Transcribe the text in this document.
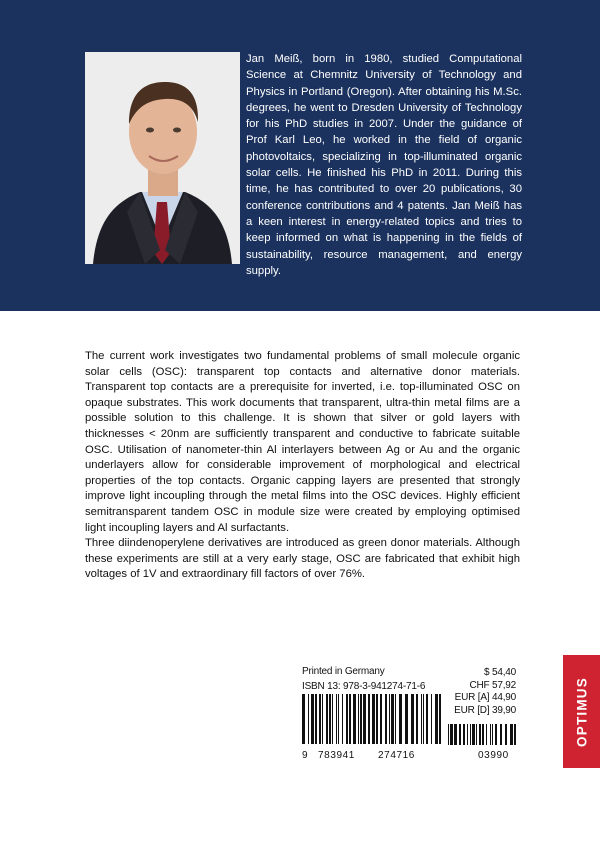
Jan Meiß, born in 1980, studied Computational Science at Chemnitz University of Technology and Physics in Portland (Oregon). After obtaining his M.Sc. degrees, he went to Dresden University of Technology for his PhD studies in 2007. Under the guidance of Prof Karl Leo, he worked in the field of organic photovoltaics, specializing in top-illuminated organic solar cells. He finished his PhD in 2011. During this time, he has contributed to over 20 publications, 30 conference contributions and 4 patents. Jan Meiß has a keen interest in energy-related topics and tries to keep informed on what is happening in the fields of sustainability, resource management, and energy supply.

The current work investigates two fundamental problems of small molecule organic solar cells (OSC): transparent top contacts and alternative donor materials. Transparent top contacts are a prerequisite for inverted, i.e. top-illuminated OSC on opaque substrates. This work documents that transparent, ultra-thin metal films are a possible solution to this challenge. It is shown that silver or gold layers with thicknesses < 20nm are sufficiently transparent and conductive to fabricate suitable OSC. Utilisation of nanometer-thin Al interlayers between Ag or Au and the organic underlayers allow for considerable improvement of morphological and electrical properties of the top contacts. Organic capping layers are presented that strongly improve light incoupling through the metal films into the OSC devices. Highly efficient semitransparent tandem OSC in module size were created by employing optimised light incoupling layers and Al surfactants.

Three diindenoperylene derivatives are introduced as green donor materials. Although these experiments are still at a very early stage, OSC are fabricated that exhibit high voltages of 1V and extraordinary fill factors of over 76%.

Printed in Germany
ISBN 13: 978-3-941274-71-6
9 783941 274716	03990
$ 54,40
CHF 57,92
EUR [A] 44,90
EUR [D] 39,90	OPTIMUS
